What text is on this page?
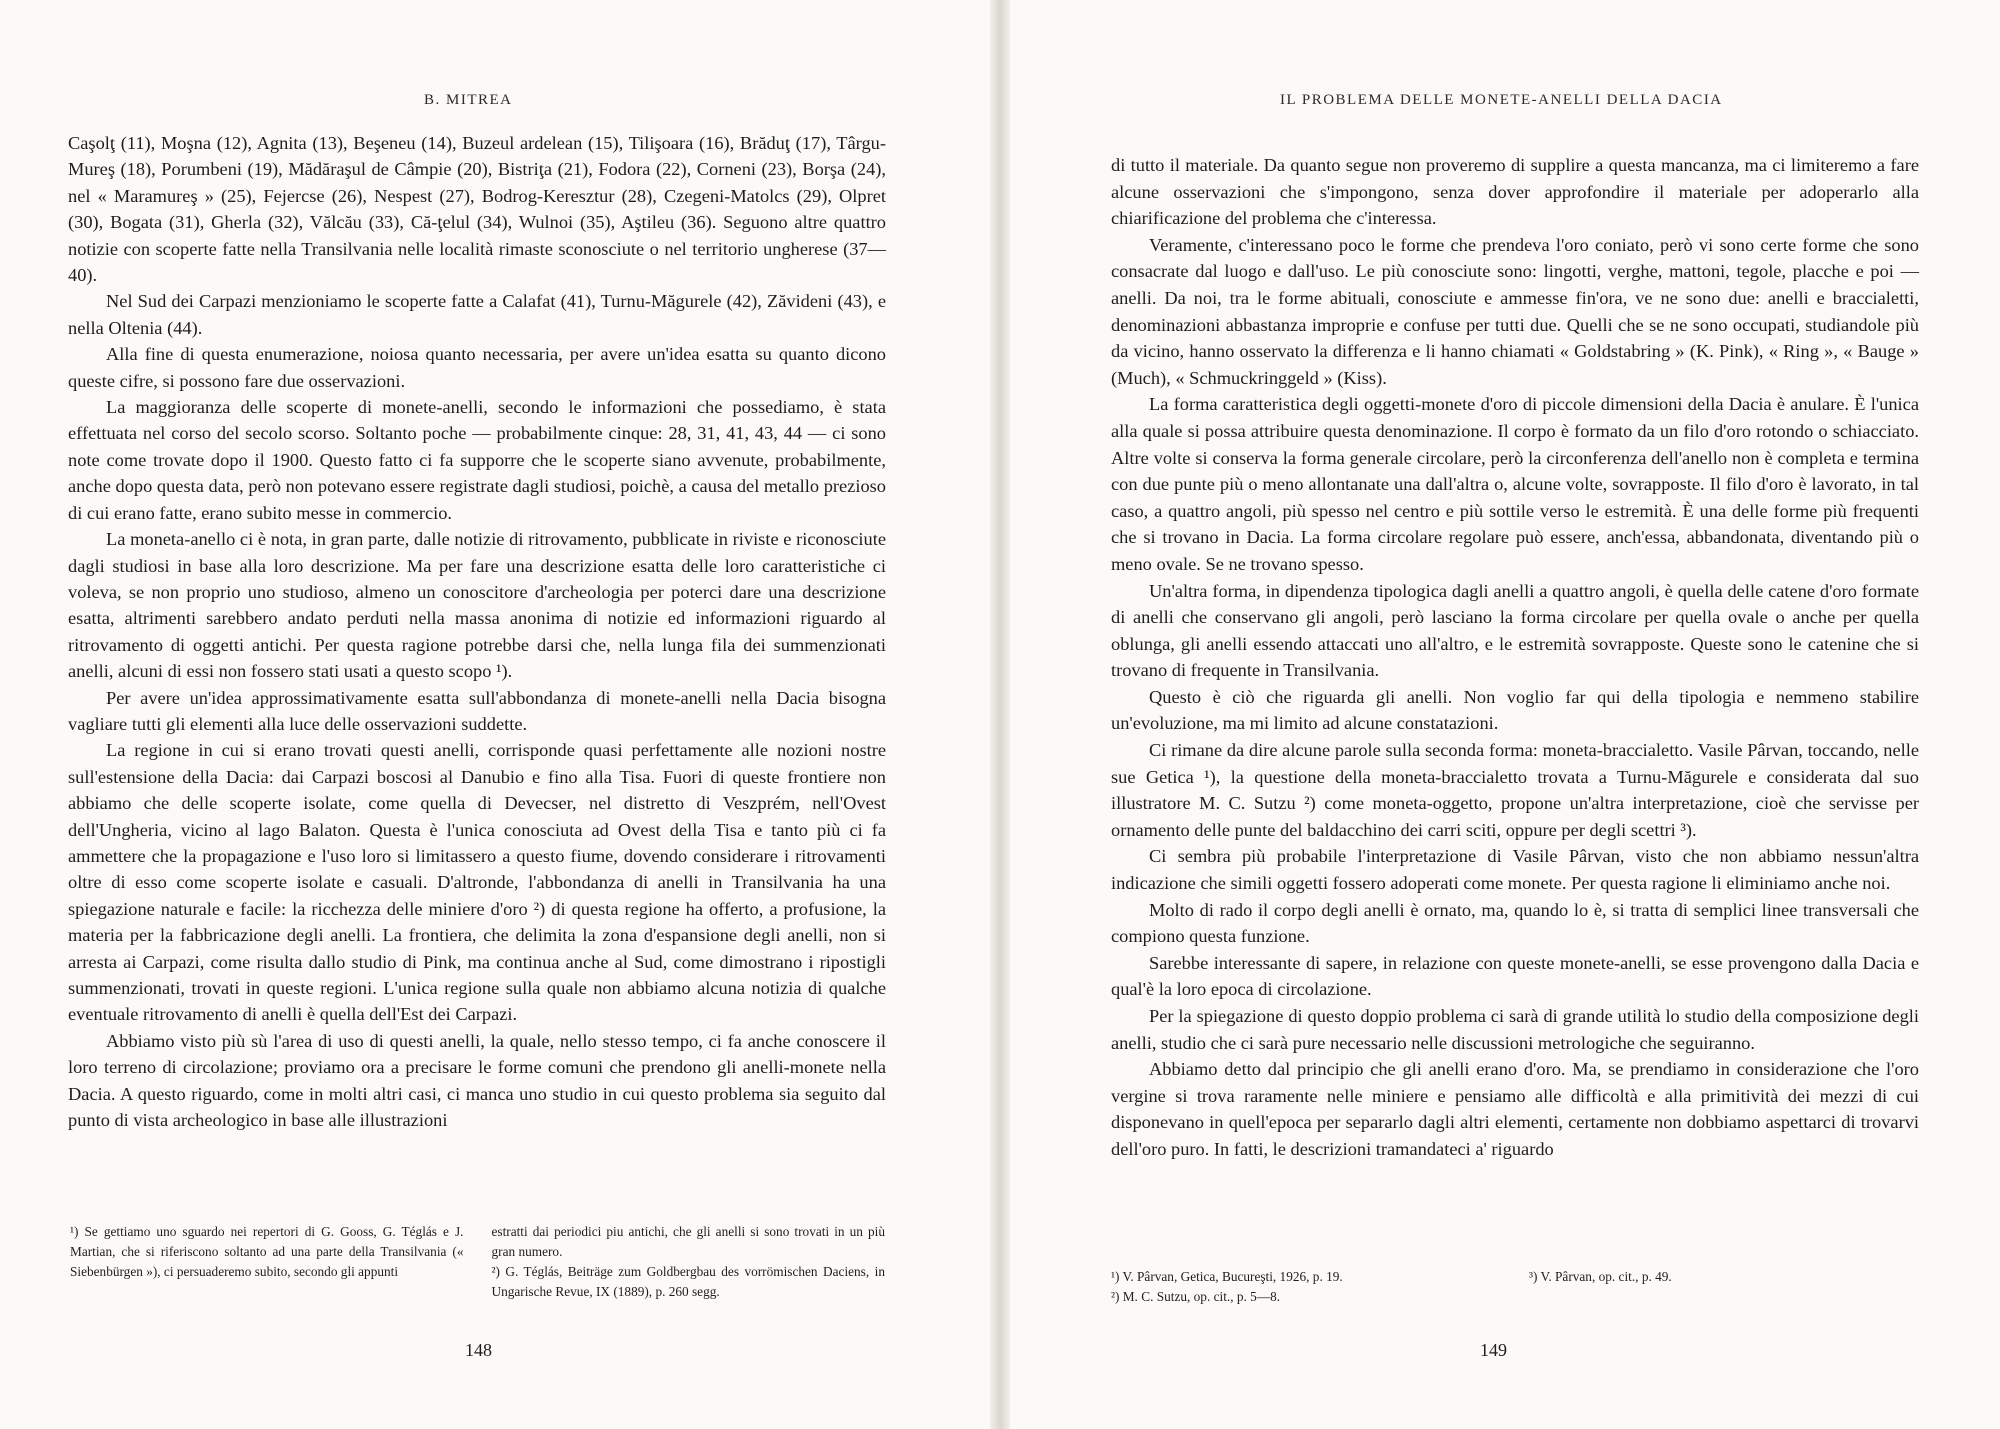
B. MITREA

Caşolţ (11), Moşna (12), Agnita (13), Beşeneu (14), Buzeul ardelean (15), Tilişoara (16), Brăduţ (17), Târgu-Mureş (18), Porumbeni (19), Mădăraşul de Câmpie (20), Bistriţa (21), Fodora (22), Corneni (23), Borşa (24), nel « Maramureş » (25), Fejercse (26), Nespest (27), Bodrog-Keresztur (28), Czegeni-Matolcs (29), Olpret (30), Bogata (31), Gherla (32), Vălcău (33), Că-ţelul (34), Wulnoi (35), Aştileu (36). Seguono altre quattro notizie con scoperte fatte nella Transilvania nelle località rimaste sconosciute o nel territorio ungherese (37—40).

Nel Sud dei Carpazi menzioniamo le scoperte fatte a Calafat (41), Turnu-Măgurele (42), Zăvideni (43), e nella Oltenia (44).

Alla fine di questa enumerazione, noiosa quanto necessaria, per avere un'idea esatta su quanto dicono queste cifre, si possono fare due osservazioni.

La maggioranza delle scoperte di monete-anelli, secondo le informazioni che possediamo, è stata effettuata nel corso del secolo scorso. Soltanto poche — probabilmente cinque: 28, 31, 41, 43, 44 — ci sono note come trovate dopo il 1900. Questo fatto ci fa supporre che le scoperte siano avvenute, probabilmente, anche dopo questa data, però non potevano essere registrate dagli studiosi, poichè, a causa del metallo prezioso di cui erano fatte, erano subito messe in commercio.

La moneta-anello ci è nota, in gran parte, dalle notizie di ritrovamento, pubblicate in riviste e riconosciute dagli studiosi in base alla loro descrizione. Ma per fare una descrizione esatta delle loro caratteristiche ci voleva, se non proprio uno studioso, almeno un conoscitore d'archeologia per poterci dare una descrizione esatta, altrimenti sarebbero andato perduti nella massa anonima di notizie ed informazioni riguardo al ritrovamento di oggetti antichi. Per questa ragione potrebbe darsi che, nella lunga fila dei summenzionati anelli, alcuni di essi non fossero stati usati a questo scopo ¹).

Per avere un'idea approssimativamente esatta sull'abbondanza di monete-anelli nella Dacia bisogna vagliare tutti gli elementi alla luce delle osservazioni suddette.

La regione in cui si erano trovati questi anelli, corrisponde quasi perfettamente alle nozioni nostre sull'estensione della Dacia: dai Carpazi boscosi al Danubio e fino alla Tisa. Fuori di queste frontiere non abbiamo che delle scoperte isolate, come quella di Devecser, nel distretto di Veszprém, nell'Ovest dell'Ungheria, vicino al lago Balaton. Questa è l'unica conosciuta ad Ovest della Tisa e tanto più ci fa ammettere che la propagazione e l'uso loro si limitassero a questo fiume, dovendo considerare i ritrovamenti oltre di esso come scoperte isolate e casuali. D'altronde, l'abbondanza di anelli in Transilvania ha una spiegazione naturale e facile: la ricchezza delle miniere d'oro ²) di questa regione ha offerto, a profusione, la materia per la fabbricazione degli anelli. La frontiera, che delimita la zona d'espansione degli anelli, non si arresta ai Carpazi, come risulta dallo studio di Pink, ma continua anche al Sud, come dimostrano i ripostigli summenzionati, trovati in queste regioni. L'unica regione sulla quale non abbiamo alcuna notizia di qualche eventuale ritrovamento di anelli è quella dell'Est dei Carpazi.

Abbiamo visto più sù l'area di uso di questi anelli, la quale, nello stesso tempo, ci fa anche conoscere il loro terreno di circolazione; proviamo ora a precisare le forme comuni che prendono gli anelli-monete nella Dacia. A questo riguardo, come in molti altri casi, ci manca uno studio in cui questo problema sia seguito dal punto di vista archeologico in base alle illustrazioni

¹) Se gettiamo uno sguardo nei repertori di G. Gooss, G. Téglás e J. Martian, che si riferiscono soltanto ad una parte della Transilvania (« Siebenbürgen »), ci persuaderemo subito, secondo gli appunti

estratti dai periodici piu antichi, che gli anelli si sono trovati in un più gran numero.

²) G. Téglás, Beiträge zum Goldbergbau des vorrömischen Daciens, in Ungarische Revue, IX (1889), p. 260 segg.

148
IL PROBLEMA DELLE MONETE-ANELLI DELLA DACIA

di tutto il materiale. Da quanto segue non proveremo di supplire a questa mancanza, ma ci limiteremo a fare alcune osservazioni che s'impongono, senza dover approfondire il materiale per adoperarlo alla chiarificazione del problema che c'interessa.

Veramente, c'interessano poco le forme che prendeva l'oro coniato, però vi sono certe forme che sono consacrate dal luogo e dall'uso. Le più conosciute sono: lingotti, verghe, mattoni, tegole, placche e poi — anelli. Da noi, tra le forme abituali, conosciute e ammesse fin'ora, ve ne sono due: anelli e braccialetti, denominazioni abbastanza improprie e confuse per tutti due. Quelli che se ne sono occupati, studiandole più da vicino, hanno osservato la differenza e li hanno chiamati « Goldstabring » (K. Pink), « Ring », « Bauge » (Much), « Schmuckringgeld » (Kiss).

La forma caratteristica degli oggetti-monete d'oro di piccole dimensioni della Dacia è anulare. È l'unica alla quale si possa attribuire questa denominazione. Il corpo è formato da un filo d'oro rotondo o schiacciato. Altre volte si conserva la forma generale circolare, però la circonferenza dell'anello non è completa e termina con due punte più o meno allontanate una dall'altra o, alcune volte, sovrapposte. Il filo d'oro è lavorato, in tal caso, a quattro angoli, più spesso nel centro e più sottile verso le estremità. È una delle forme più frequenti che si trovano in Dacia. La forma circolare regolare può essere, anch'essa, abbandonata, diventando più o meno ovale. Se ne trovano spesso.

Un'altra forma, in dipendenza tipologica dagli anelli a quattro angoli, è quella delle catene d'oro formate di anelli che conservano gli angoli, però lasciano la forma circolare per quella ovale o anche per quella oblunga, gli anelli essendo attaccati uno all'altro, e le estremità sovrapposte. Queste sono le catenine che si trovano di frequente in Transilvania.

Questo è ciò che riguarda gli anelli. Non voglio far qui della tipologia e nemmeno stabilire un'evoluzione, ma mi limito ad alcune constatazioni.

Ci rimane da dire alcune parole sulla seconda forma: moneta-braccialetto. Vasile Pârvan, toccando, nelle sue Getica ¹), la questione della moneta-braccialetto trovata a Turnu-Măgurele e considerata dal suo illustratore M. C. Sutzu ²) come moneta-oggetto, propone un'altra interpretazione, cioè che servisse per ornamento delle punte del baldacchino dei carri sciti, oppure per degli scettri ³).

Ci sembra più probabile l'interpretazione di Vasile Pârvan, visto che non abbiamo nessun'altra indicazione che simili oggetti fossero adoperati come monete. Per questa ragione li eliminiamo anche noi.

Molto di rado il corpo degli anelli è ornato, ma, quando lo è, si tratta di semplici linee transversali che compiono questa funzione.

Sarebbe interessante di sapere, in relazione con queste monete-anelli, se esse provengono dalla Dacia e qual'è la loro epoca di circolazione.

Per la spiegazione di questo doppio problema ci sarà di grande utilità lo studio della composizione degli anelli, studio che ci sarà pure necessario nelle discussioni metrologiche che seguiranno.

Abbiamo detto dal principio che gli anelli erano d'oro. Ma, se prendiamo in considerazione che l'oro vergine si trova raramente nelle miniere e pensiamo alle difficoltà e alla primitività dei mezzi di cui disponevano in quell'epoca per separarlo dagli altri elementi, certamente non dobbiamo aspettarci di trovarvi dell'oro puro. In fatti, le descrizioni tramandateci a' riguardo

¹) V. Pârvan, Getica, Bucureşti, 1926, p. 19.

²) M. C. Sutzu, op. cit., p. 5—8.

³) V. Pârvan, op. cit., p. 49.

149
